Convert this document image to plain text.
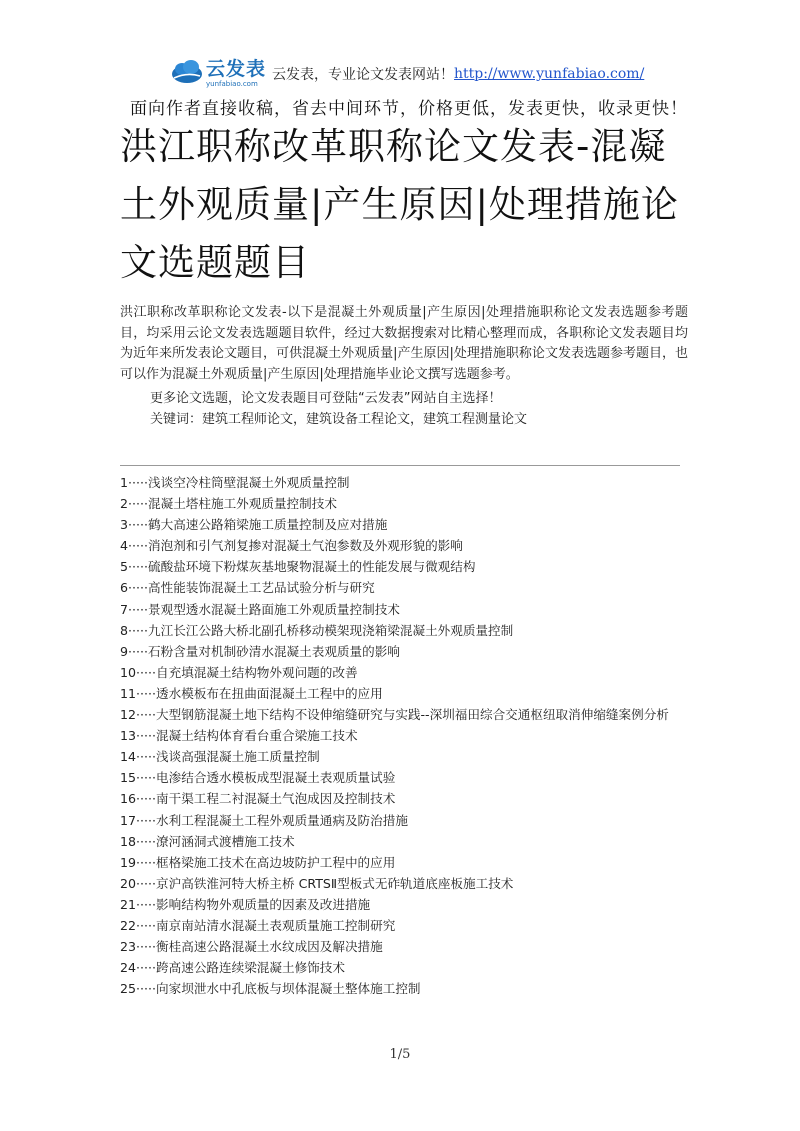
云发表
yunfabiao.com
云发表，专业论文发表网站！ http://www.yunfabiao.com/
面向作者直接收稿，省去中间环节，价格更低，发表更快，收录更快！
洪江职称改革职称论文发表-混凝土外观质量|产生原因|处理措施论文选题题目

洪江职称改革职称论文发表-以下是混凝土外观质量|产生原因|处理措施职称论文发表选题参考题目，均采用云论文发表选题题目软件，经过大数据搜索对比精心整理而成，各职称论文发表题目均为近年来所发表论文题目，可供混凝土外观质量|产生原因|处理措施职称论文发表选题参考题目，也可以作为混凝土外观质量|产生原因|处理措施毕业论文撰写选题参考。

更多论文选题，论文发表题目可登陆“云发表”网站自主选择！
关键词：建筑工程师论文，建筑设备工程论文，建筑工程测量论文
1·····浅谈空冷柱筒壁混凝土外观质量控制
2·····混凝土塔柱施工外观质量控制技术
3·····鹤大高速公路箱梁施工质量控制及应对措施
4·····消泡剂和引气剂复掺对混凝土气泡参数及外观形貌的影响
5·····硫酸盐环境下粉煤灰基地聚物混凝土的性能发展与微观结构
6·····高性能装饰混凝土工艺品试验分析与研究
7·····景观型透水混凝土路面施工外观质量控制技术
8·····九江长江公路大桥北副孔桥移动模架现浇箱梁混凝土外观质量控制
9·····石粉含量对机制砂清水混凝土表观质量的影响
10·····自充填混凝土结构物外观问题的改善
11·····透水模板布在扭曲面混凝土工程中的应用
12·····大型钢筋混凝土地下结构不设伸缩缝研究与实践--深圳福田综合交通枢纽取消伸缩缝案例分析
13·····混凝土结构体育看台重合梁施工技术
14·····浅谈高强混凝土施工质量控制
15·····电渗结合透水模板成型混凝土表观质量试验
16·····南干渠工程二衬混凝土气泡成因及控制技术
17·····水利工程混凝土工程外观质量通病及防治措施
18·····潦河涵洞式渡槽施工技术
19·····框格梁施工技术在高边坡防护工程中的应用
20·····京沪高铁淮河特大桥主桥 CRTSⅡ型板式无砟轨道底座板施工技术
21·····影响结构物外观质量的因素及改进措施
22·····南京南站清水混凝土表观质量施工控制研究
23·····衡桂高速公路混凝土水纹成因及解决措施
24·····跨高速公路连续梁混凝土修饰技术
25·····向家坝泄水中孔底板与坝体混凝土整体施工控制
1/5
